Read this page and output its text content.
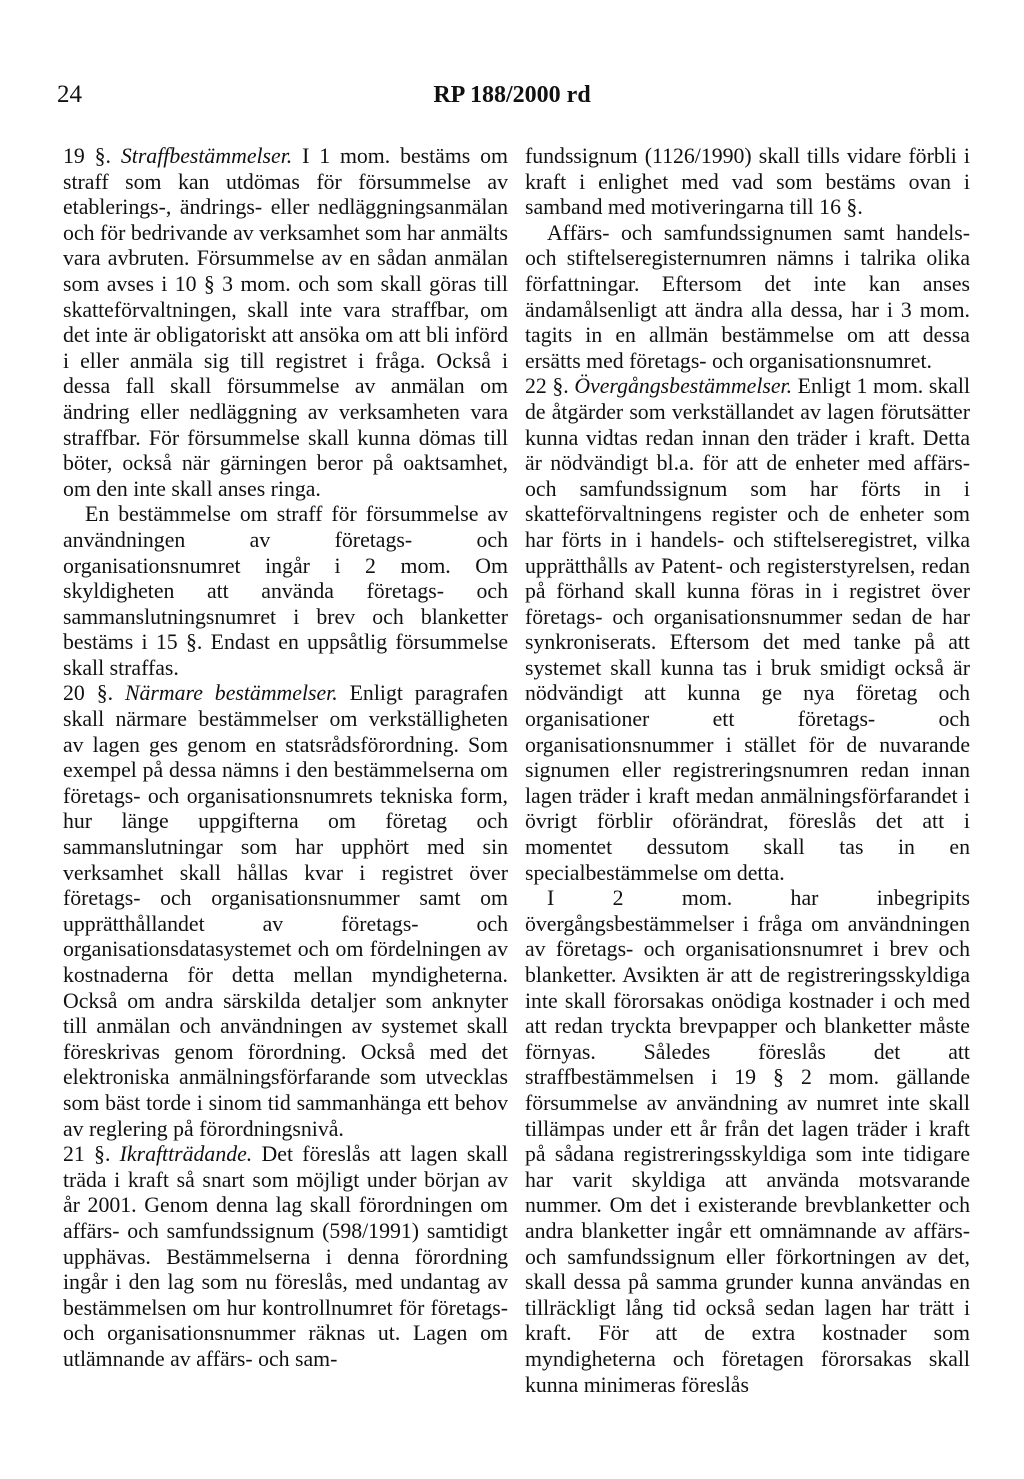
24	RP 188/2000 rd

19 §. Straffbestämmelser. I 1 mom. bestäms om straff som kan utdömas för försummelse av etablerings-, ändrings- eller nedläggningsanmälan och för bedrivande av verksamhet som har anmälts vara avbruten. Försummelse av en sådan anmälan som avses i 10 § 3 mom. och som skall göras till skatteförvaltningen, skall inte vara straffbar, om det inte är obligatoriskt att ansöka om att bli införd i eller anmäla sig till registret i fråga. Också i dessa fall skall försummelse av anmälan om ändring eller nedläggning av verksamheten vara straffbar. För försummelse skall kunna dömas till böter, också när gärningen beror på oaktsamhet, om den inte skall anses ringa.

En bestämmelse om straff för försummelse av användningen av företags- och organisationsnumret ingår i 2 mom. Om skyldigheten att använda företags- och sammanslutningsnumret i brev och blanketter bestäms i 15 §. Endast en uppsåtlig försummelse skall straffas.

20 §. Närmare bestämmelser. Enligt paragrafen skall närmare bestämmelser om verkställigheten av lagen ges genom en statsrådsförordning. Som exempel på dessa nämns i den bestämmelserna om företags- och organisationsnumrets tekniska form, hur länge uppgifterna om företag och sammanslutningar som har upphört med sin verksamhet skall hållas kvar i registret över företags- och organisationsnummer samt om upprätthållandet av företags- och organisationsdatasystemet och om fördelningen av kostnaderna för detta mellan myndigheterna. Också om andra särskilda detaljer som anknyter till anmälan och användningen av systemet skall föreskrivas genom förordning. Också med det elektroniska anmälningsförfarande som utvecklas som bäst torde i sinom tid sammanhänga ett behov av reglering på förordningsnivå.

21 §. Ikraftträdande. Det föreslås att lagen skall träda i kraft så snart som möjligt under början av år 2001. Genom denna lag skall förordningen om affärs- och samfundssignum (598/1991) samtidigt upphävas. Bestämmelserna i denna förordning ingår i den lag som nu föreslås, med undantag av bestämmelsen om hur kontrollnumret för företags- och organisationsnummer räknas ut. Lagen om utlämnande av affärs- och sam-

fundssignum (1126/1990) skall tills vidare förbli i kraft i enlighet med vad som bestäms ovan i samband med motiveringarna till 16 §.

Affärs- och samfundssignumen samt handels- och stiftelseregisternumren nämns i talrika olika författningar. Eftersom det inte kan anses ändamålsenligt att ändra alla dessa, har i 3 mom. tagits in en allmän bestämmelse om att dessa ersätts med företags- och organisationsnumret.

22 §. Övergångsbestämmelser. Enligt 1 mom. skall de åtgärder som verkställandet av lagen förutsätter kunna vidtas redan innan den träder i kraft. Detta är nödvändigt bl.a. för att de enheter med affärs- och samfundssignum som har förts in i skatteförvaltningens register och de enheter som har förts in i handels- och stiftelseregistret, vilka upprätthålls av Patent- och registerstyrelsen, redan på förhand skall kunna föras in i registret över företags- och organisationsnummer sedan de har synkroniserats. Eftersom det med tanke på att systemet skall kunna tas i bruk smidigt också är nödvändigt att kunna ge nya företag och organisationer ett företags- och organisationsnummer i stället för de nuvarande signumen eller registreringsnumren redan innan lagen träder i kraft medan anmälningsförfarandet i övrigt förblir oförändrat, föreslås det att i momentet dessutom skall tas in en specialbestämmelse om detta.

I 2 mom. har inbegripits övergångsbestämmelser i fråga om användningen av företags- och organisationsnumret i brev och blanketter. Avsikten är att de registreringsskyldiga inte skall förorsakas onödiga kostnader i och med att redan tryckta brevpapper och blanketter måste förnyas. Således föreslås det att straffbestämmelsen i 19 § 2 mom. gällande försummelse av användning av numret inte skall tillämpas under ett år från det lagen träder i kraft på sådana registreringsskyldiga som inte tidigare har varit skyldiga att använda motsvarande nummer. Om det i existerande brevblanketter och andra blanketter ingår ett omnämnande av affärs- och samfundssignum eller förkortningen av det, skall dessa på samma grunder kunna användas en tillräckligt lång tid också sedan lagen har trätt i kraft. För att de extra kostnader som myndigheterna och företagen förorsakas skall kunna minimeras föreslås
